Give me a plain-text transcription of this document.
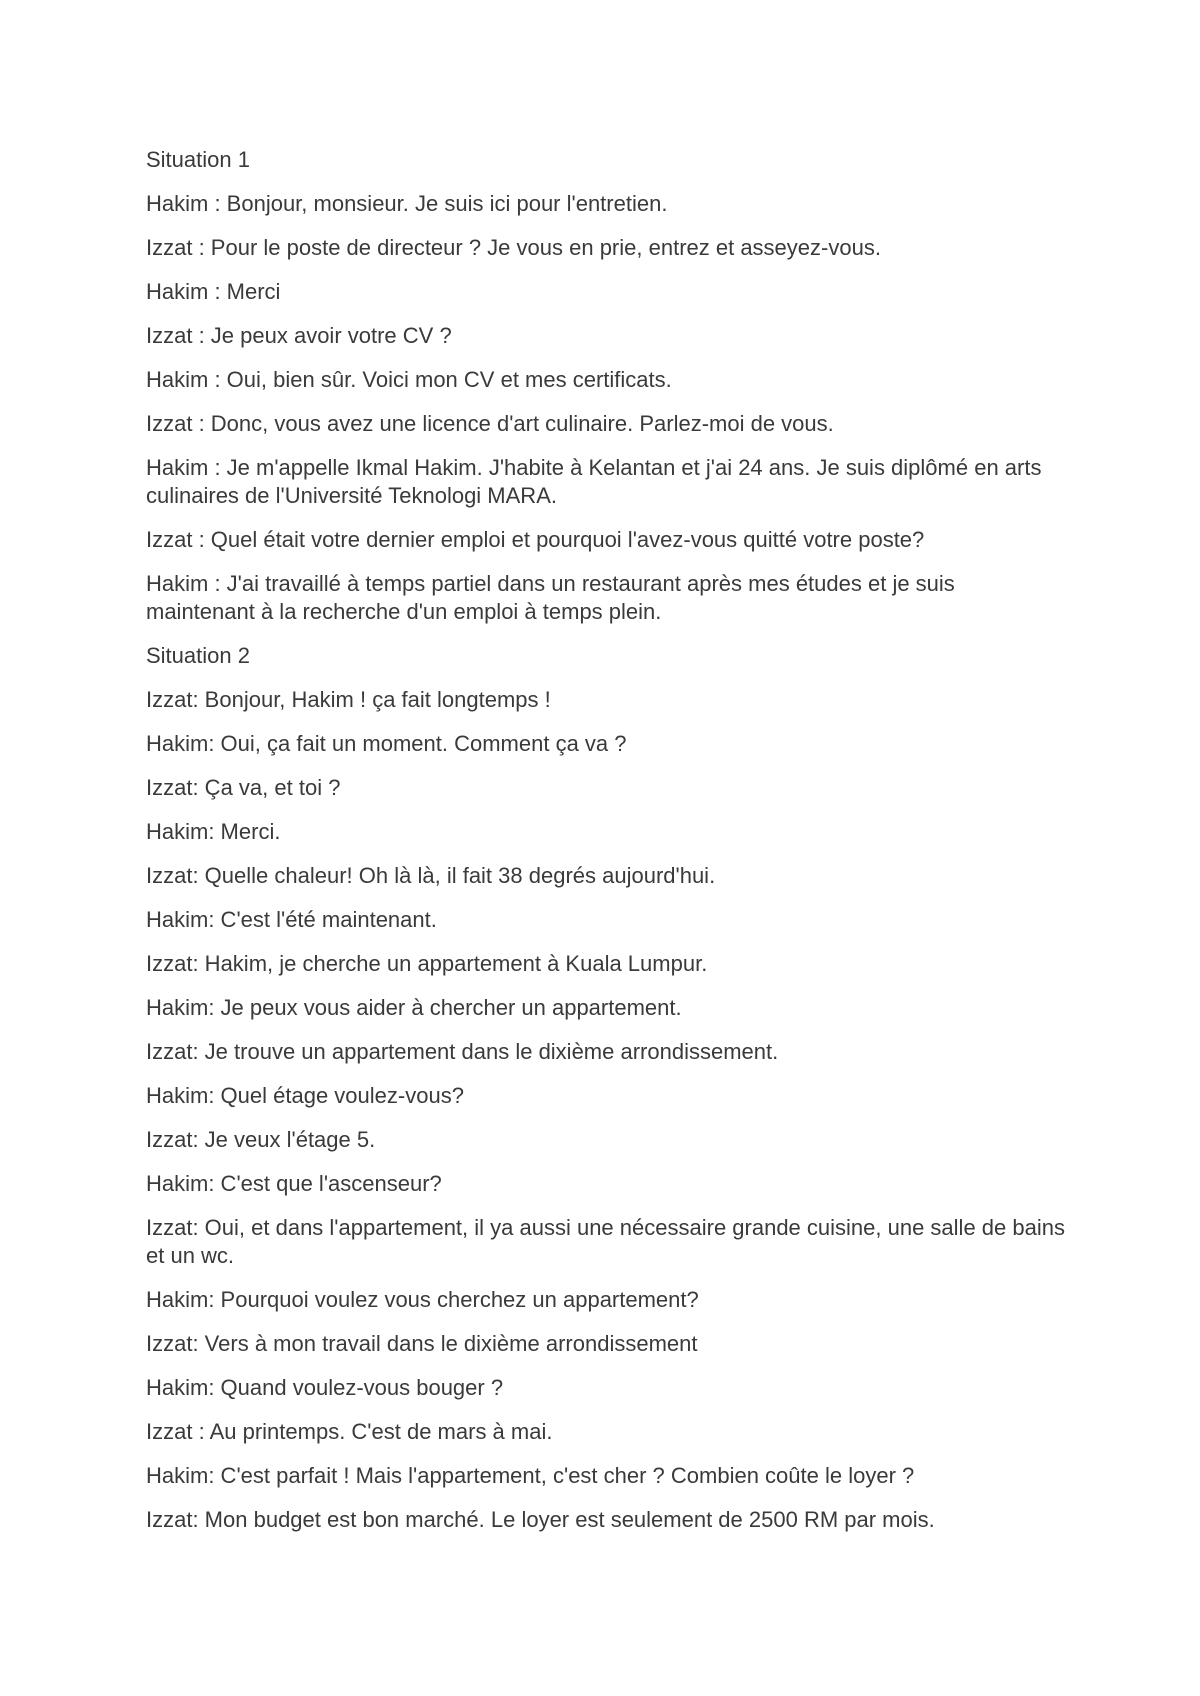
Situation 1

Hakim : Bonjour, monsieur. Je suis ici pour l'entretien.

Izzat : Pour le poste de directeur ? Je vous en prie, entrez et asseyez-vous.

Hakim : Merci

Izzat : Je peux avoir votre CV ?

Hakim : Oui, bien sûr. Voici mon CV et mes certificats.

Izzat : Donc, vous avez une licence d'art culinaire. Parlez-moi de vous.

Hakim : Je m'appelle Ikmal Hakim. J'habite à Kelantan et j'ai 24 ans. Je suis diplômé en arts culinaires de l'Université Teknologi MARA.

Izzat : Quel était votre dernier emploi et pourquoi l'avez-vous quitté votre poste?

Hakim : J'ai travaillé à temps partiel dans un restaurant après mes études et je suis maintenant à la recherche d'un emploi à temps plein.

Situation 2

Izzat: Bonjour, Hakim ! ça fait longtemps !

Hakim: Oui, ça fait un moment. Comment ça va ?

Izzat: Ça va, et toi ?

Hakim: Merci.

Izzat: Quelle chaleur! Oh là là, il fait 38 degrés aujourd'hui.

Hakim: C'est l'été maintenant.

Izzat: Hakim, je cherche un appartement à Kuala Lumpur.

Hakim: Je peux vous aider à chercher un appartement.

Izzat: Je trouve un appartement dans le dixième arrondissement.

Hakim: Quel étage voulez-vous?

Izzat: Je veux l'étage 5.

Hakim: C'est que l'ascenseur?

Izzat: Oui, et dans l'appartement, il ya aussi une nécessaire grande cuisine, une salle de bains et un wc.

Hakim: Pourquoi voulez vous cherchez un appartement?

Izzat: Vers à mon travail dans le dixième arrondissement

Hakim: Quand voulez-vous bouger ?

Izzat : Au printemps. C'est de mars à mai.

Hakim: C'est parfait ! Mais l'appartement, c'est cher ? Combien coûte le loyer ?

Izzat: Mon budget est bon marché. Le loyer est seulement de 2500 RM par mois.
